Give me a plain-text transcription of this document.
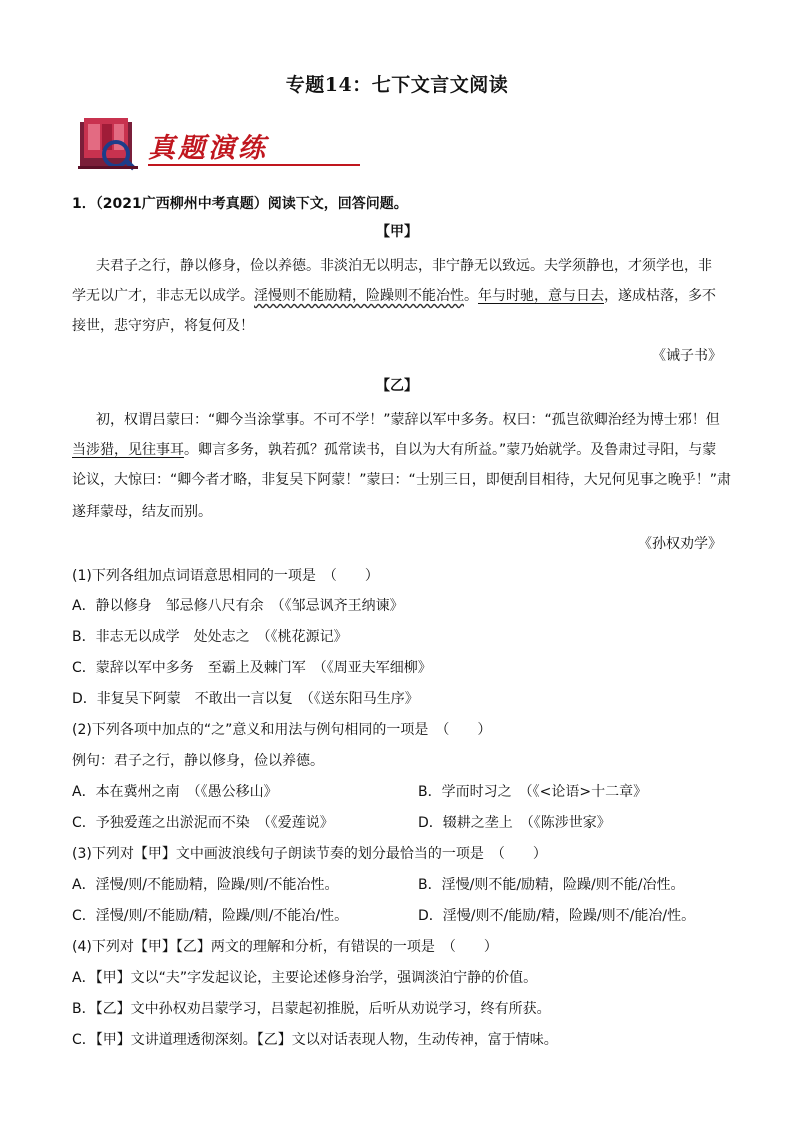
专题14：七下文言文阅读
真题演练
1．（2021广西柳州中考真题）阅读下文，回答问题。
【甲】
夫君子之行，静以修身，俭以养德。非淡泊无以明志，非宁静无以致远。夫学须静也，才须学也，非
学无以广才，非志无以成学。淫慢则不能励精，险躁则不能冶性。年与时驰，意与日去，遂成枯落，多不
接世，悲守穷庐，将复何及！
《诫子书》
【乙】
初，权谓吕蒙曰：“卿今当涂掌事。不可不学！”蒙辞以军中多务。权曰：“孤岂欲卿治经为博士邪！但
当涉猎，见往事耳。卿言多务，孰若孤？孤常读书，自以为大有所益。”蒙乃始就学。及鲁肃过寻阳，与蒙
论议，大惊曰：“卿今者才略，非复吴下阿蒙！”蒙曰：“士别三日，即便刮目相待，大兄何见事之晚乎！”肃
遂拜蒙母，结友而别。
《孙权劝学》
(1)下列各组加点词语意思相同的一项是　（　　）
A．静以修身　邹忌修八尺有余　（《邹忌讽齐王纳谏》
B．非志无以成学　处处志之　（《桃花源记》
C．蒙辞以军中多务　至霸上及棘门军　（《周亚夫军细柳》
D．非复吴下阿蒙　不敢出一言以复　（《送东阳马生序》
(2)下列各项中加点的“之”意义和用法与例句相同的一项是　（　　）
例句：君子之行，静以修身，俭以养德。
A．本在冀州之南　（《愚公移山》	B．学而时习之　（《<论语>十二章》
C．予独爱莲之出淤泥而不染　（《爱莲说》	D．辍耕之垄上　（《陈涉世家》
(3)下列对【甲】文中画波浪线句子朗读节奏的划分最恰当的一项是　（　　）
A．淫慢/则/不能励精，险躁/则/不能冶性。	B．淫慢/则不能/励精，险躁/则不能/冶性。
C．淫慢/则/不能励/精，险躁/则/不能冶/性。	D．淫慢/则不/能励/精，险躁/则不/能冶/性。
(4)下列对【甲】【乙】两文的理解和分析，有错误的一项是　（　　）
A．【甲】文以“夫”字发起议论，主要论述修身治学，强调淡泊宁静的价值。
B．【乙】文中孙权劝吕蒙学习，吕蒙起初推脱，后听从劝说学习，终有所获。
C．【甲】文讲道理透彻深刻。【乙】文以对话表现人物，生动传神，富于情味。
